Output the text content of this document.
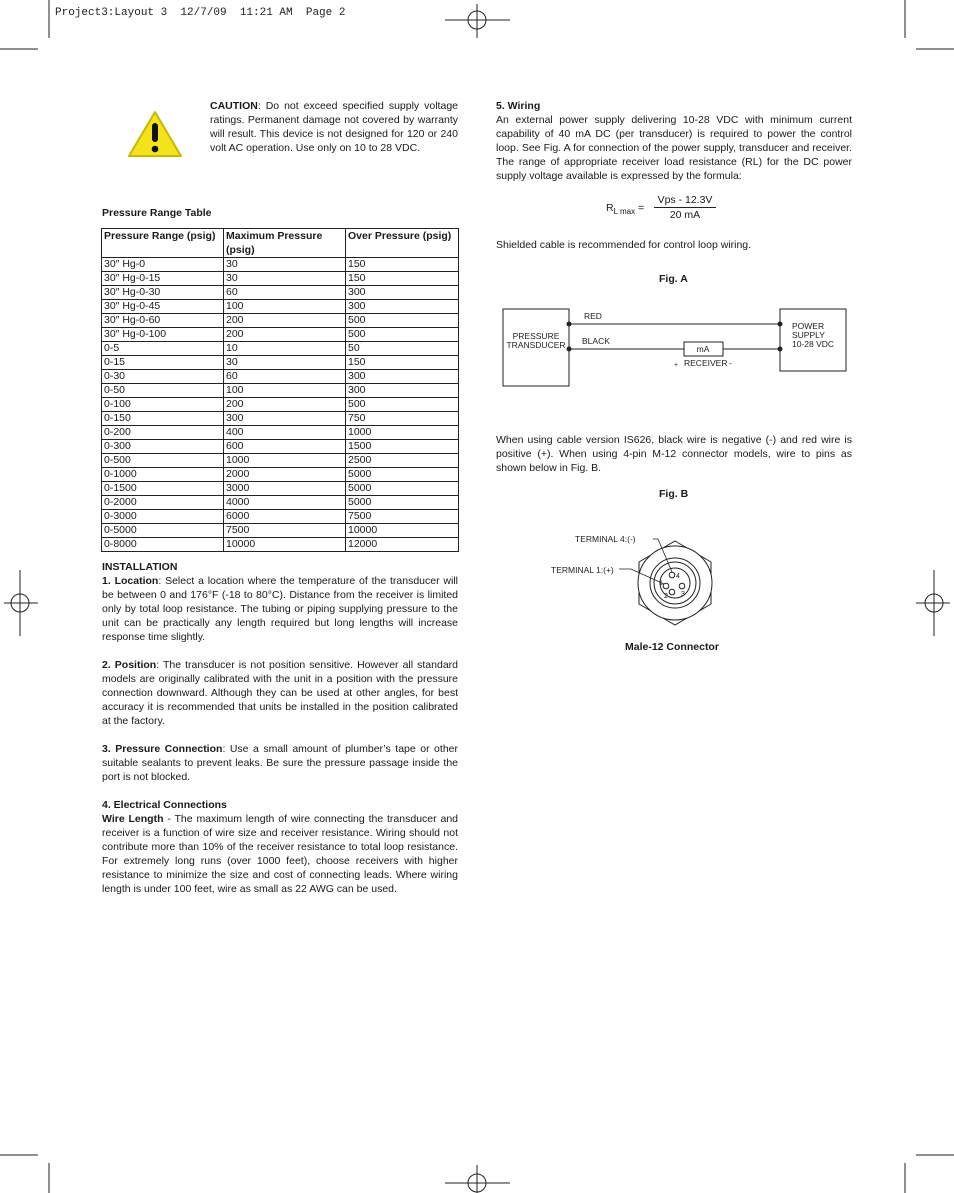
Project3:Layout 3  12/7/09  11:21 AM  Page 2
CAUTION: Do not exceed specified supply voltage ratings. Permanent damage not covered by warranty will result. This device is not designed for 120 or 240 volt AC operation. Use only on 10 to 28 VDC.
Pressure Range Table
Pressure Range (psig)	Maximum Pressure (psig)	Over Pressure (psig)
30″ Hg-0	30	150
30″ Hg-0-15	30	150
30″ Hg-0-30	60	300
30″ Hg-0-45	100	300
30″ Hg-0-60	200	500
30″ Hg-0-100	200	500
0-5	10	50
0-15	30	150
0-30	60	300
0-50	100	300
0-100	200	500
0-150	300	750
0-200	400	1000
0-300	600	1500
0-500	1000	2500
0-1000	2000	5000
0-1500	3000	5000
0-2000	4000	5000
0-3000	6000	7500
0-5000	7500	10000
0-8000	10000	12000

INSTALLATION

1. Location: Select a location where the temperature of the transducer will be between 0 and 176°F (-18 to 80°C). Distance from the receiver is limited only by total loop resistance. The tubing or piping supplying pressure to the unit can be practically any length required but long lengths will increase response time slightly.

2. Position: The transducer is not position sensitive. However all standard models are originally calibrated with the unit in a position with the pressure connection downward. Although they can be used at other angles, for best accuracy it is recommended that units be installed in the position calibrated at the factory.

3. Pressure Connection: Use a small amount of plumber’s tape or other suitable sealants to prevent leaks. Be sure the pressure passage inside the port is not blocked.

4. Electrical Connections

Wire Length - The maximum length of wire connecting the transducer and receiver is a function of wire size and receiver resistance. Wiring should not contribute more than 10% of the receiver resistance to total loop resistance. For extremely long runs (over 1000 feet), choose receivers with higher resistance to minimize the size and cost of connecting leads. Where wiring length is under 100 feet, wire as small as 22 AWG can be used.

5. Wiring

An external power supply delivering 10-28 VDC with minimum current capability of 40 mA DC (per transducer) is required to power the control loop. See Fig. A for connection of the power supply, transducer and receiver. The range of appropriate receiver load resistance (RL) for the DC power supply voltage available is expressed by the formula:

$R_{L max}$ =
Vps - 12.3V
20 mA
Shielded cable is recommended for control loop wiring.
Fig. A
PRESSURE
TRANSDUCER
POWER
SUPPLY
10-28 VDC
RED
BLACK
mA
+ RECEIVER -
When using cable version IS626, black wire is negative (-) and red wire is positive (+). When using 4-pin M-12 connector models, wire to pins as shown below in Fig. B.
Fig. B
4
1
2 3
TERMINAL 4:(-)
TERMINAL 1:(+)
Male-12 Connector
